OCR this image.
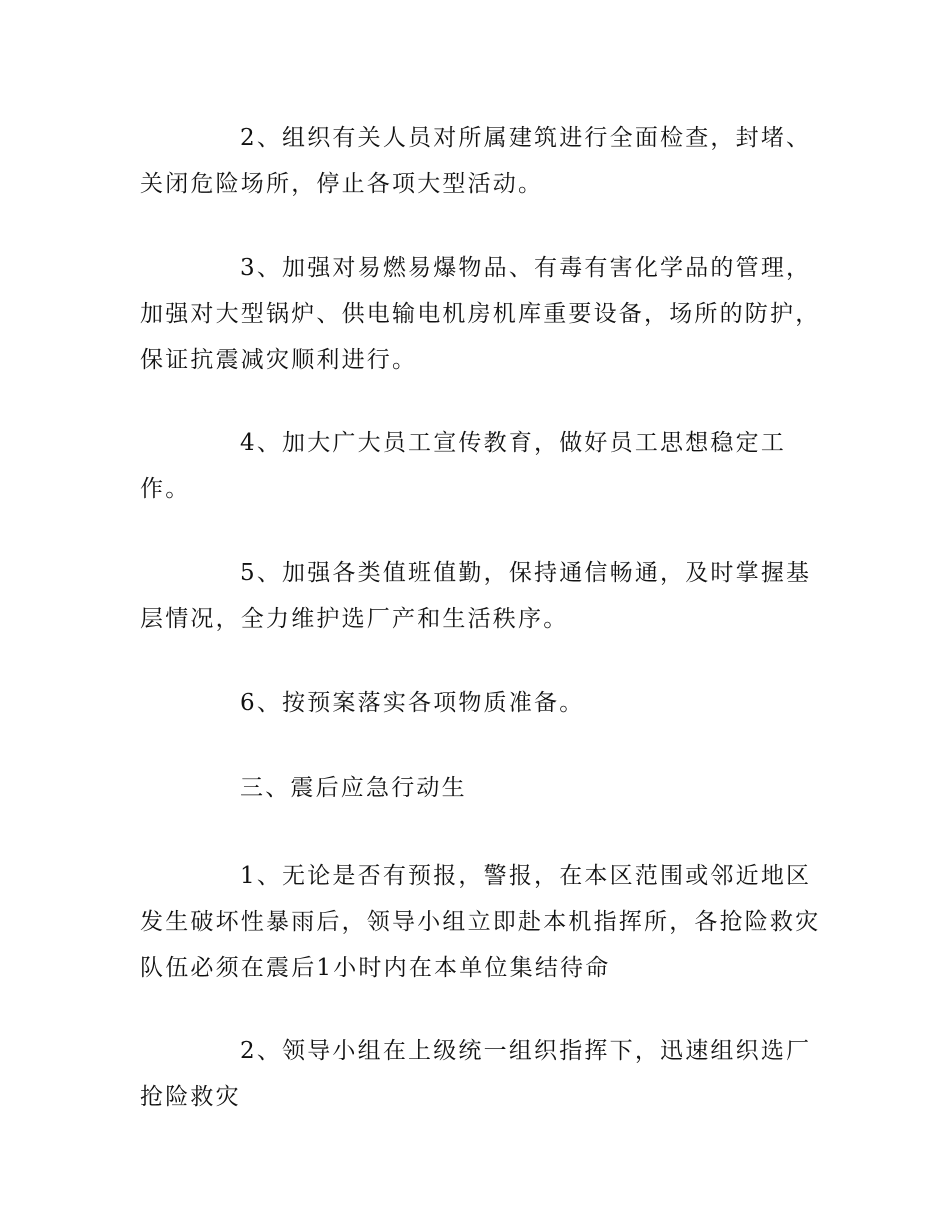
2、组织有关人员对所属建筑进行全面检查，封堵、
关闭危险场所，停止各项大型活动。
3、加强对易燃易爆物品、有毒有害化学品的管理，
加强对大型锅炉、供电输电机房机库重要设备，场所的防护，
保证抗震减灾顺利进行。
4、加大广大员工宣传教育，做好员工思想稳定工
作。
5、加强各类值班值勤，保持通信畅通，及时掌握基
层情况，全力维护选厂产和生活秩序。
6、按预案落实各项物质准备。
三、震后应急行动生
1、无论是否有预报，警报，在本区范围或邻近地区
发生破坏性暴雨后，领导小组立即赴本机指挥所，各抢险救灾
队伍必须在震后1小时内在本单位集结待命
2、领导小组在上级统一组织指挥下，迅速组织选厂
抢险救灾
